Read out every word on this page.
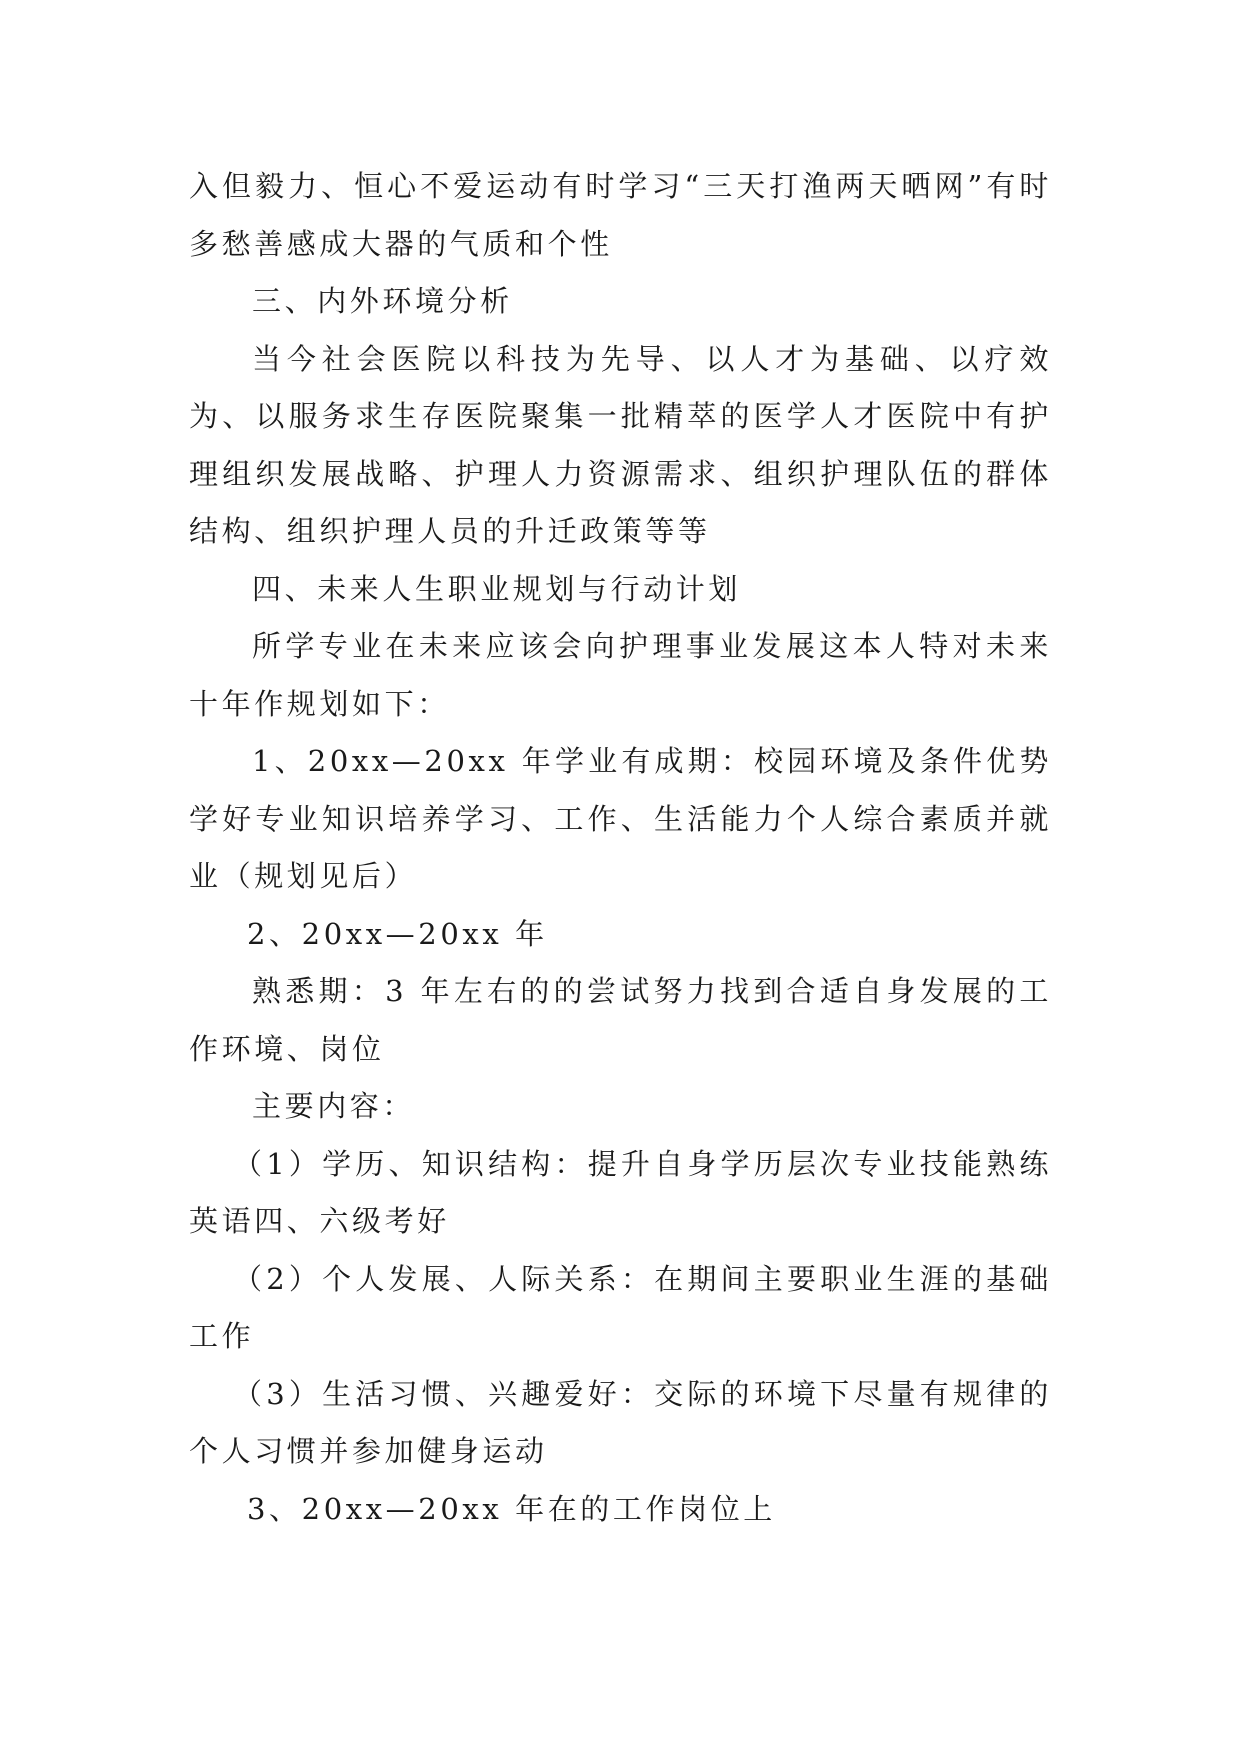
入但毅力、恒心不爱运动有时学习“三天打渔两天晒网”有时多愁善感成大器的气质和个性

三、内外环境分析

当今社会医院以科技为先导、以人才为基础、以疗效为、以服务求生存医院聚集一批精萃的医学人才医院中有护理组织发展战略、护理人力资源需求、组织护理队伍的群体结构、组织护理人员的升迁政策等等

四、未来人生职业规划与行动计划

所学专业在未来应该会向护理事业发展这本人特对未来十年作规划如下：

1、20xx—20xx 年学业有成期：校园环境及条件优势学好专业知识培养学习、工作、生活能力个人综合素质并就业（规划见后）

2、20xx—20xx 年

熟悉期：3 年左右的的尝试努力找到合适自身发展的工作环境、岗位

主要内容：

（1）学历、知识结构：提升自身学历层次专业技能熟练英语四、六级考好

（2）个人发展、人际关系：在期间主要职业生涯的基础工作

（3）生活习惯、兴趣爱好：交际的环境下尽量有规律的个人习惯并参加健身运动

3、20xx—20xx 年在的工作岗位上
